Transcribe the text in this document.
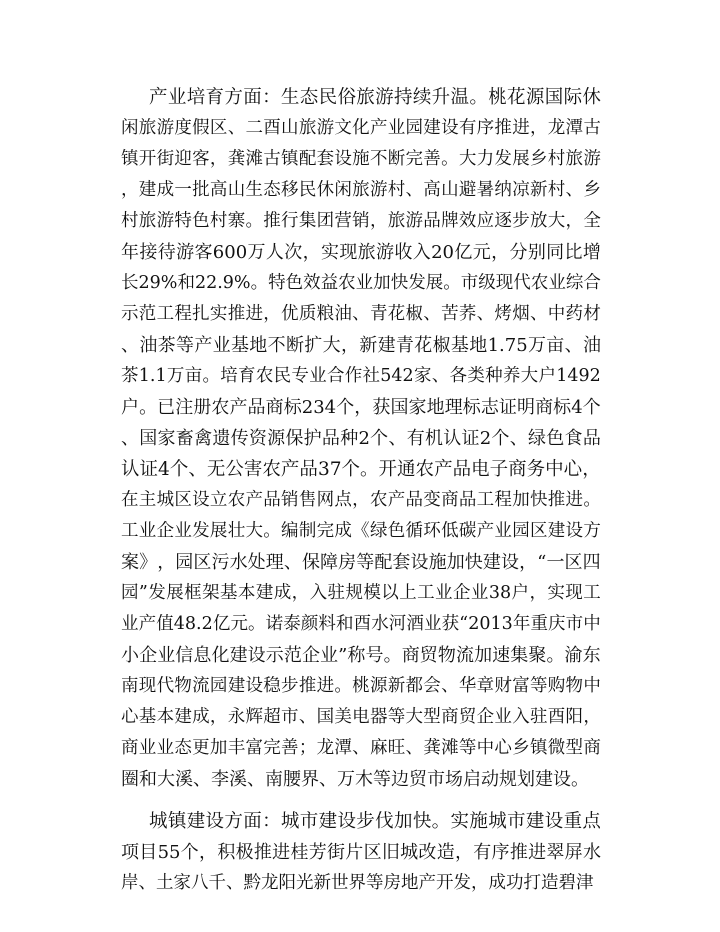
产 业 培 育 方 面 ： 生 态 民 俗 旅 游 持 续 升 温 。 桃 花 源 国 际 休
闲 旅 游 度 假 区 、 二 酉 山 旅 游 文 化 产 业 园 建 设 有 序 推 进 ， 龙 潭 古
镇 开 街 迎 客 ， 龚 滩 古 镇 配 套 设 施 不 断 完 善 。 大 力 发 展 乡 村 旅 游
， 建 成 一 批 高 山 生 态 移 民 休 闲 旅 游 村 、 高 山 避 暑 纳 凉 新 村 、 乡
村 旅 游 特 色 村 寨 。 推 行 集 团 营 销 ， 旅 游 品 牌 效 应 逐 步 放 大 ， 全
年 接 待 游 客 600 万 人 次 ， 实 现 旅 游 收 入 20 亿 元 ， 分 别 同 比 增
长 29% 和 22.9% 。 特 色 效 益 农 业 加 快 发 展 。 市 级 现 代 农 业 综 合
示 范 工 程 扎 实 推 进 ， 优 质 粮 油 、 青 花 椒 、 苦 荞 、 烤 烟 、 中 药 材
、 油 茶 等 产 业 基 地 不 断 扩 大 ， 新 建 青 花 椒 基 地 1.75 万 亩 、 油
茶 1.1 万 亩 。 培 育 农 民 专 业 合 作 社 542 家 、 各 类 种 养 大 户 1492
户 。 已 注 册 农 产 品 商 标 234 个 ， 获 国 家 地 理 标 志 证 明 商 标 4 个
、 国 家 畜 禽 遗 传 资 源 保 护 品 种 2 个 、 有 机 认 证 2 个 、 绿 色 食 品
认 证 4 个 、 无 公 害 农 产 品 37 个 。 开 通 农 产 品 电 子 商 务 中 心 ，
在 主 城 区 设 立 农 产 品 销 售 网 点 ， 农 产 品 变 商 品 工 程 加 快 推 进 。
工 业 企 业 发 展 壮 大 。 编 制 完 成 《 绿 色 循 环 低 碳 产 业 园 区 建 设 方
案 》 ， 园 区 污 水 处 理 、 保 障 房 等 配 套 设 施 加 快 建 设 ， “ 一 区 四
园 ” 发 展 框 架 基 本 建 成 ， 入 驻 规 模 以 上 工 业 企 业 38 户 ， 实 现 工
业 产 值 48.2 亿 元 。 诺 泰 颜 料 和 酉 水 河 酒 业 获 “ 2013 年 重 庆 市 中
小 企 业 信 息 化 建 设 示 范 企 业 ” 称 号 。 商 贸 物 流 加 速 集 聚 。 渝 东
南 现 代 物 流 园 建 设 稳 步 推 进 。 桃 源 新 都 会 、 华 章 财 富 等 购 物 中
心 基 本 建 成 ， 永 辉 超 市 、 国 美 电 器 等 大 型 商 贸 企 业 入 驻 酉 阳 ，
商 业 业 态 更 加 丰 富 完 善 ； 龙 潭 、 麻 旺 、 龚 滩 等 中 心 乡 镇 微 型 商
圈和大溪、李溪、南腰界、万木等边贸市场启动规划建设。
城 镇 建 设 方 面 ： 城 市 建 设 步 伐 加 快 。 实 施 城 市 建 设 重 点
项 目 55 个 ， 积 极 推 进 桂 芳 街 片 区 旧 城 改 造 ， 有 序 推 进 翠 屏 水
岸、土家八千、黔龙阳光新世界等房地产开发，成功打造碧津
